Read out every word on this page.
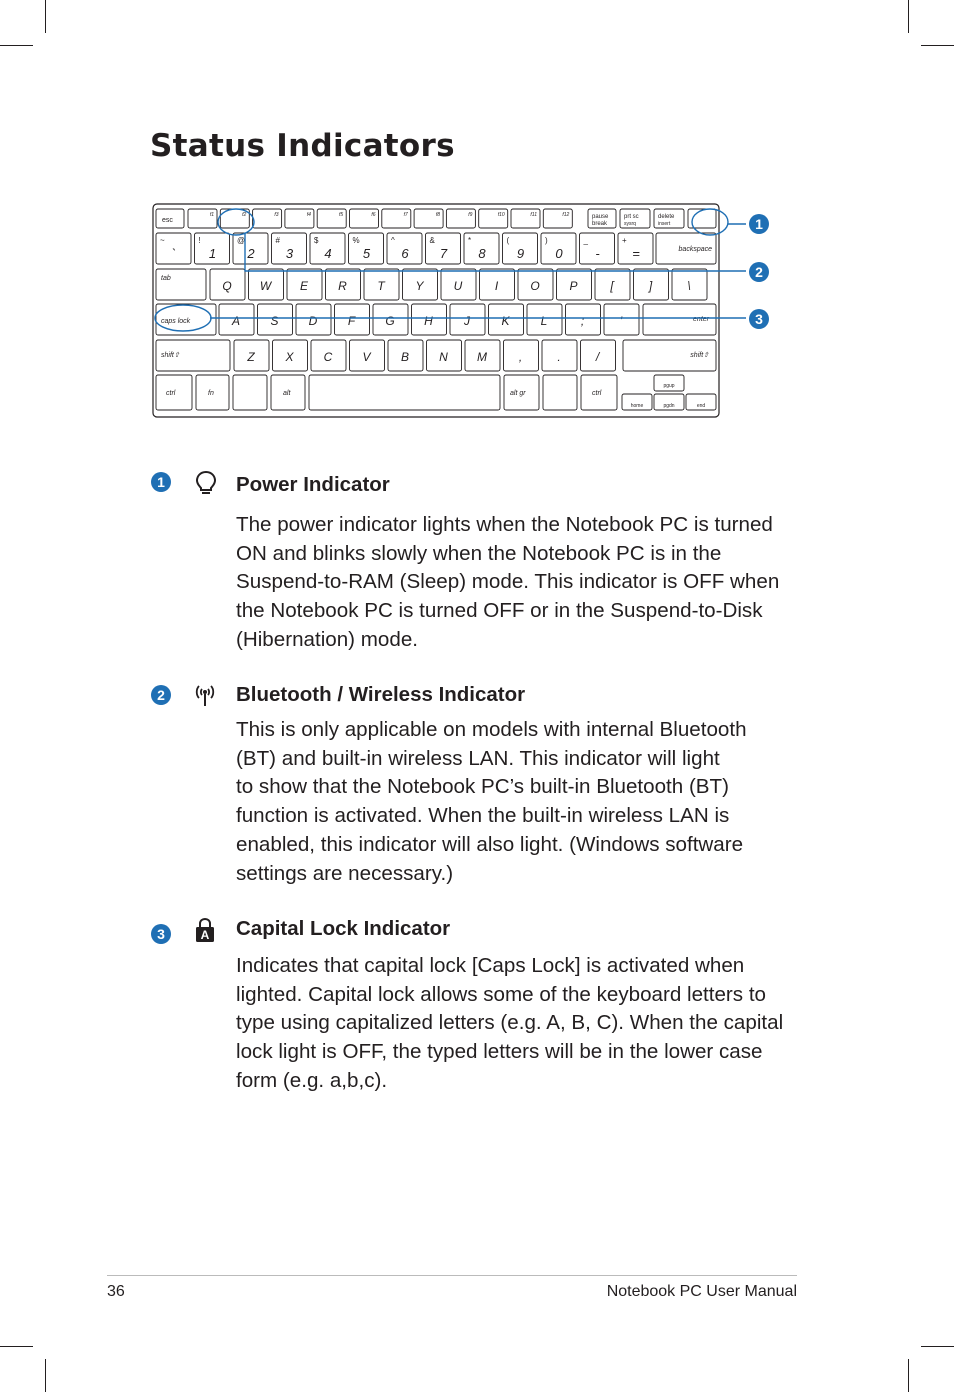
Status Indicators
esc
f1	f2	f3	f4	f5	f6	f7	f8	f9	f10	f11	f12	pause
break
prt sc
sysrq
delete
insert
~
`
!
1
@
2
#
3
$
4
%
5
^
6
&
7
*
8
(
9
)
0
_
-
+
=	backspace
tab
Q W E	R	T	Y	U	I	O P	[	]	\
caps lock	A	S	D	F	G H	J	K	L	;	'	enter
shift⇧	Z	X	C	V	B	N M	,	.	/	shift⇧
ctrl	fn	alt	alt gr	ctrl
home	pgdn	end
pgup
1
2
3
1	Power Indicator
The power indicator lights when the Notebook PC is turned
ON and blinks slowly when the Notebook PC is in the
Suspend-to-RAM (Sleep) mode. This indicator is OFF when
the Notebook PC is turned OFF or in the Suspend-to-Disk
(Hibernation) mode.
2	Bluetooth / Wireless Indicator
This is only applicable on models with internal Bluetooth
(BT) and built-in wireless LAN. This indicator will light
to show that the Notebook PC’s built-in Bluetooth (BT)
function is activated. When the built-in wireless LAN is
enabled, this indicator will also light. (Windows software
settings are necessary.)
3	A Capital Lock Indicator
Indicates that capital lock [Caps Lock] is activated when
lighted. Capital lock allows some of the keyboard letters to
type using capitalized letters (e.g. A, B, C). When the capital
lock light is OFF, the typed letters will be in the lower case
form (e.g. a,b,c).
36	Notebook PC User Manual
